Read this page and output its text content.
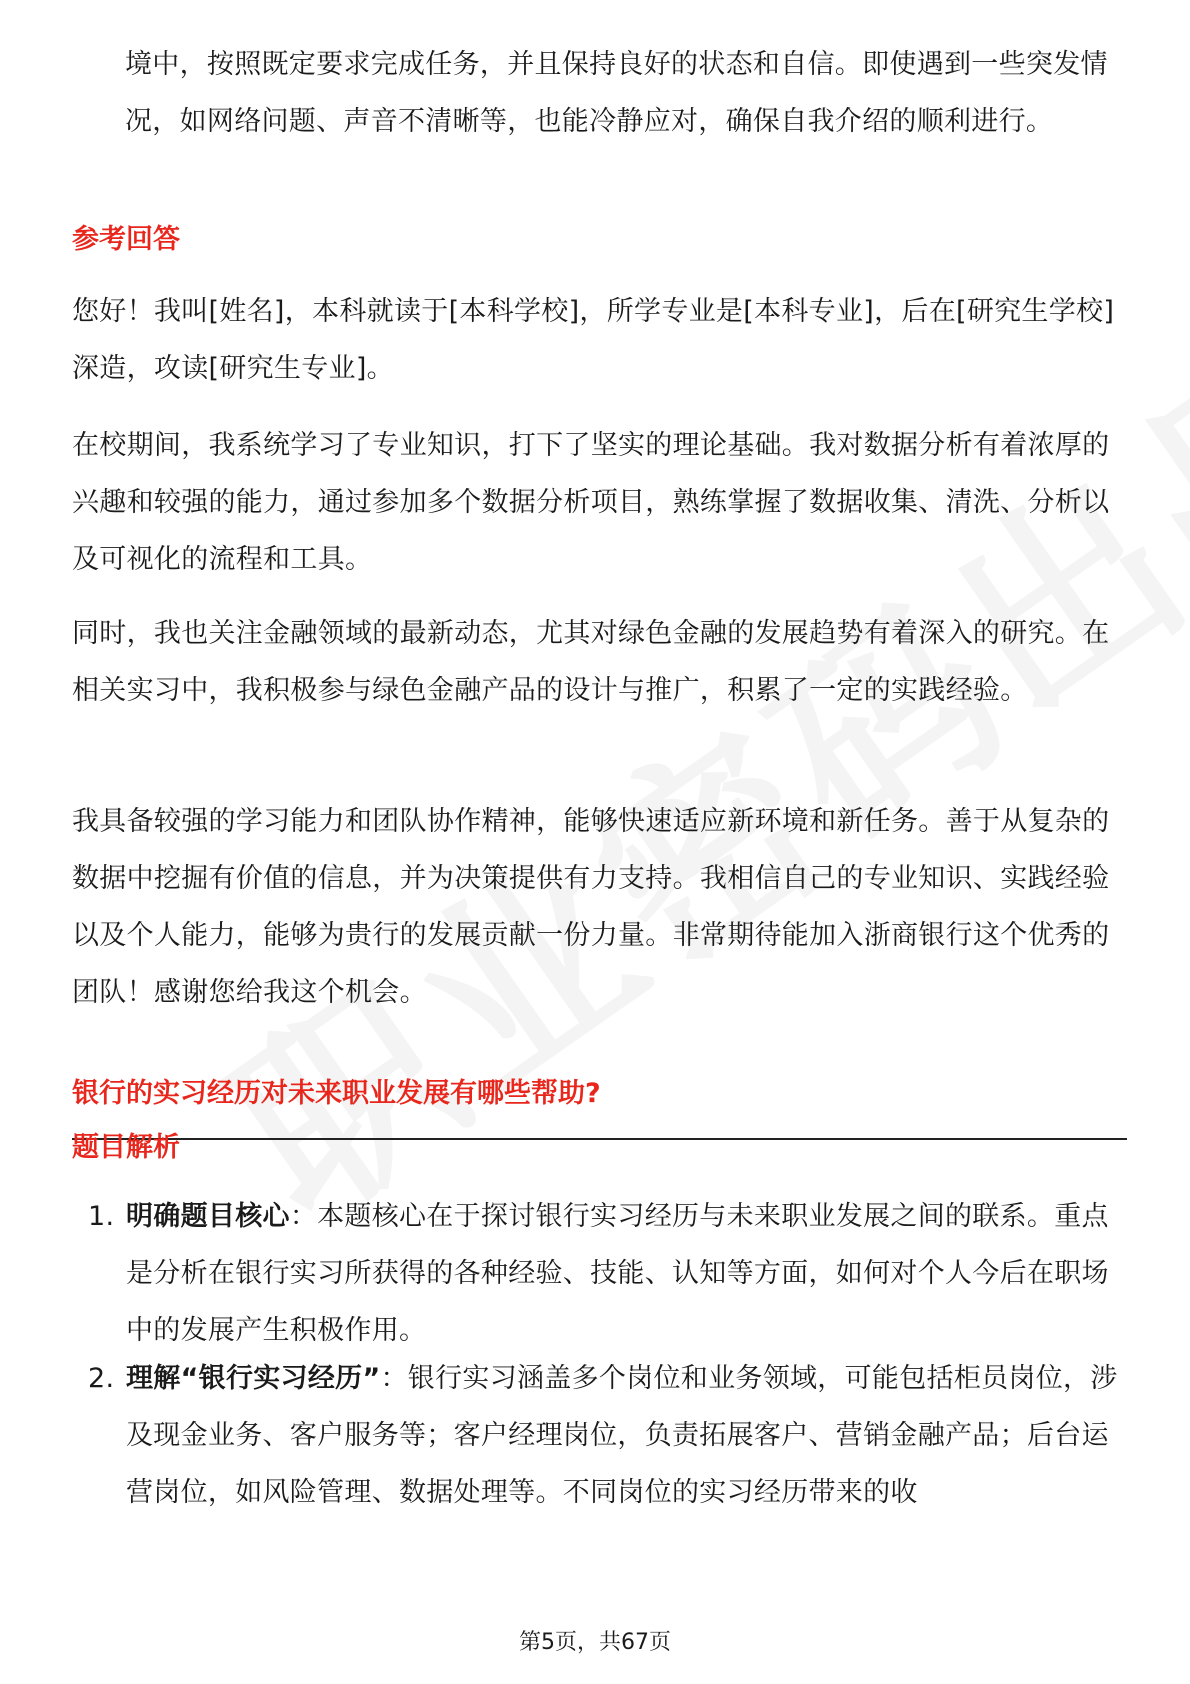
境中，按照既定要求完成任务，并且保持良好的状态和自信。即使遇到一些突发情况，如网络问题、声音不清晰等，也能冷静应对，确保自我介绍的顺利进行。

参考回答

您好！我叫[姓名]，本科就读于[本科学校]，所学专业是[本科专业]，后在[研究生学校]深造，攻读[研究生专业]。

在校期间，我系统学习了专业知识，打下了坚实的理论基础。我对数据分析有着浓厚的兴趣和较强的能力，通过参加多个数据分析项目，熟练掌握了数据收集、清洗、分析以及可视化的流程和工具。

同时，我也关注金融领域的最新动态，尤其对绿色金融的发展趋势有着深入的研究。在相关实习中，我积极参与绿色金融产品的设计与推广，积累了一定的实践经验。

我具备较强的学习能力和团队协作精神，能够快速适应新环境和新任务。善于从复杂的数据中挖掘有价值的信息，并为决策提供有力支持。我相信自己的专业知识、实践经验以及个人能力，能够为贵行的发展贡献一份力量。非常期待能加入浙商银行这个优秀的团队！感谢您给我这个机会。

银行的实习经历对未来职业发展有哪些帮助?
题目解析
1. 明确题目核心：本题核心在于探讨银行实习经历与未来职业发展之间的联系。重点是分析在银行实习所获得的各种经验、技能、认知等方面，如何对个人今后在职场中的发展产生积极作用。
2. 理解“银行实习经历”：银行实习涵盖多个岗位和业务领域，可能包括柜员岗位，涉及现金业务、客户服务等；客户经理岗位，负责拓展客户、营销金融产品；后台运营岗位，如风险管理、数据处理等。不同岗位的实习经历带来的收
第5页，共67页
